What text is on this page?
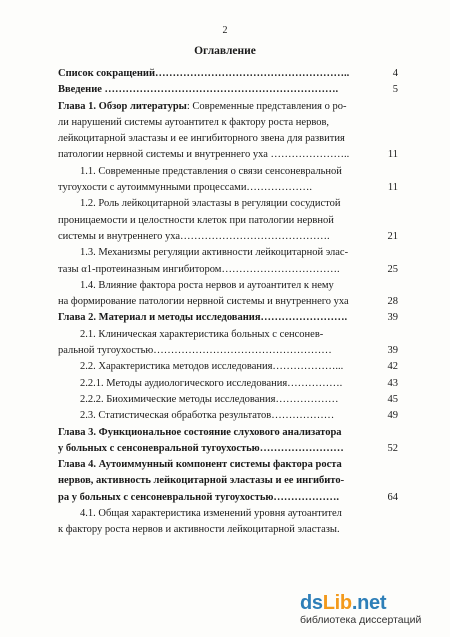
2
Оглавление
Список сокращений………………………………………………..	4
Введение ………………………………………………………….	5
Глава 1. Обзор литературы: Современные представления о ро-
ли нарушений системы аутоантител к фактору роста нервов,
лейкоцитарной эластазы и ее ингибиторного звена для развития
патологии нервной системы и внутреннего уха …………………..	11
1.1. Современные представления о связи сенсоневральной
тугоухости с аутоиммунными процессами……………….	11
1.2. Роль лейкоцитарной эластазы в регуляции сосудистой
проницаемости и целостности клеток при патологии нервной
системы и внутреннего уха…………………………………….	21
1.3. Механизмы регуляции активности лейкоцитарной элас-
тазы α1-протеиназным ингибитором…………………………….	25
1.4. Влияние фактора роста нервов и аутоантител к нему
на формирование патологии нервной системы и внутреннего уха	28
Глава 2. Материал и методы исследования…………………….	39
2.1. Клиническая характеристика больных с сенсонев-
ральной тугоухостью……………………………………………	39
2.2. Характеристика методов исследования………………...	42
2.2.1. Методы аудиологического исследования…………….	43
2.2.2. Биохимические методы исследования………………	45
2.3. Статистическая обработка результатов………………	49
Глава 3. Функциональное состояние слухового анализатора
у больных с сенсоневральной тугоухостью……………………	52
Глава 4. Аутоиммунный компонент системы фактора роста
нервов, активность лейкоцитарной эластазы и ее ингибито-
ра у больных с сенсоневральной тугоухостью……………….	64
4.1. Общая характеристика изменений уровня аутоантител
к фактору роста нервов и активности лейкоцитарной эластазы.
dsLib.net
библиотека диссертаций
